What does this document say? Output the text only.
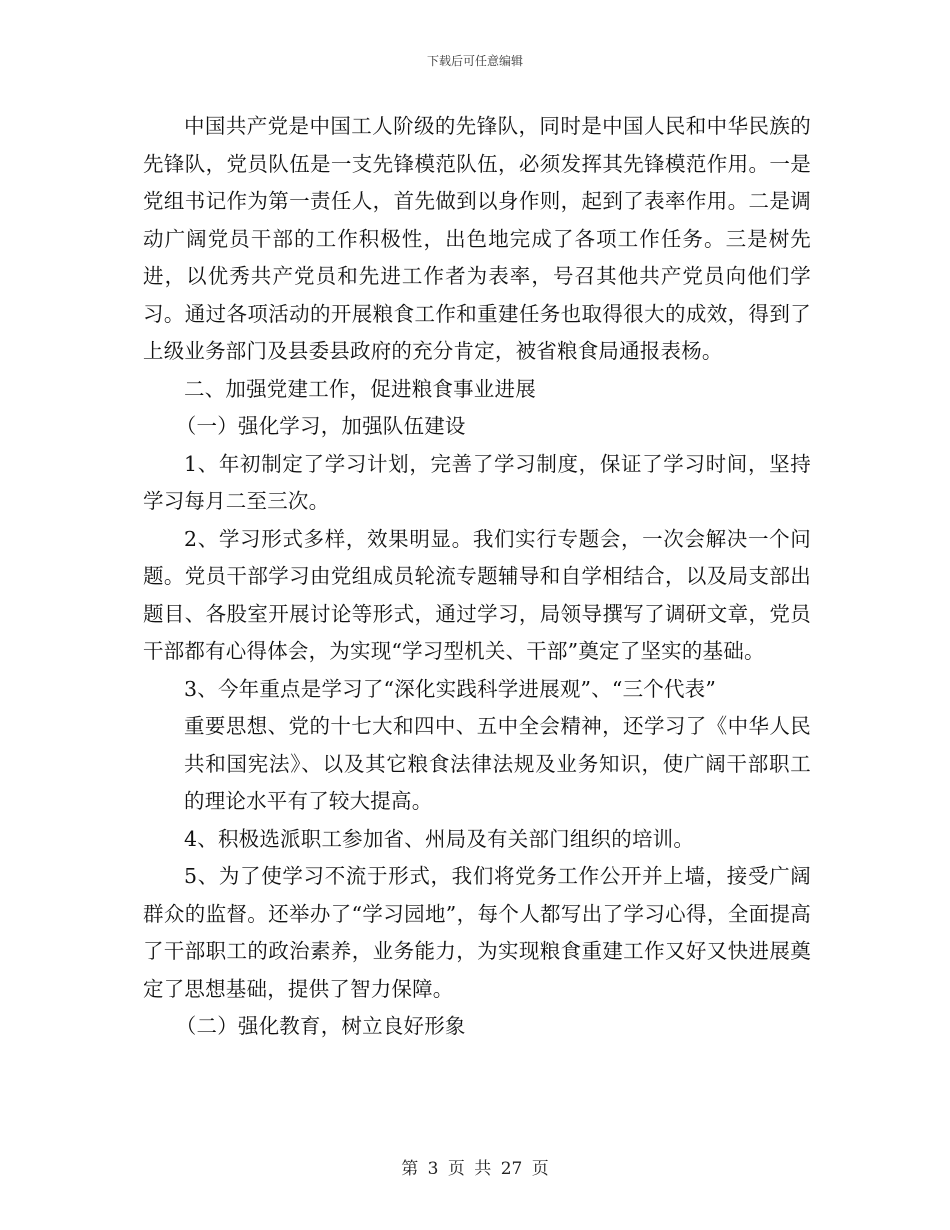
下载后可任意编辑

中国共产党是中国工人阶级的先锋队，同时是中国人民和中华民族的先锋队，党员队伍是一支先锋模范队伍，必须发挥其先锋模范作用。一是党组书记作为第一责任人，首先做到以身作则，起到了表率作用。二是调动广阔党员干部的工作积极性，出色地完成了各项工作任务。三是树先进，以优秀共产党员和先进工作者为表率，号召其他共产党员向他们学习。通过各项活动的开展粮食工作和重建任务也取得很大的成效，得到了上级业务部门及县委县政府的充分肯定，被省粮食局通报表杨。

二、加强党建工作，促进粮食事业进展

（一）强化学习，加强队伍建设

1、年初制定了学习计划，完善了学习制度，保证了学习时间，坚持学习每月二至三次。

2、学习形式多样，效果明显。我们实行专题会，一次会解决一个问题。党员干部学习由党组成员轮流专题辅导和自学相结合，以及局支部出题目、各股室开展讨论等形式，通过学习，局领导撰写了调研文章，党员干部都有心得体会，为实现“学习型机关、干部”奠定了坚实的基础。

3、今年重点是学习了“深化实践科学进展观”、“三个代表”

重要思想、党的十七大和四中、五中全会精神，还学习了《中华人民共和国宪法》、以及其它粮食法律法规及业务知识，使广阔干部职工的理论水平有了较大提高。

4、积极选派职工参加省、州局及有关部门组织的培训。

5、为了使学习不流于形式，我们将党务工作公开并上墙，接受广阔群众的监督。还举办了“学习园地”，每个人都写出了学习心得，全面提高了干部职工的政治素养，业务能力，为实现粮食重建工作又好又快进展奠定了思想基础，提供了智力保障。

（二）强化教育，树立良好形象

第 3 页 共 27 页
